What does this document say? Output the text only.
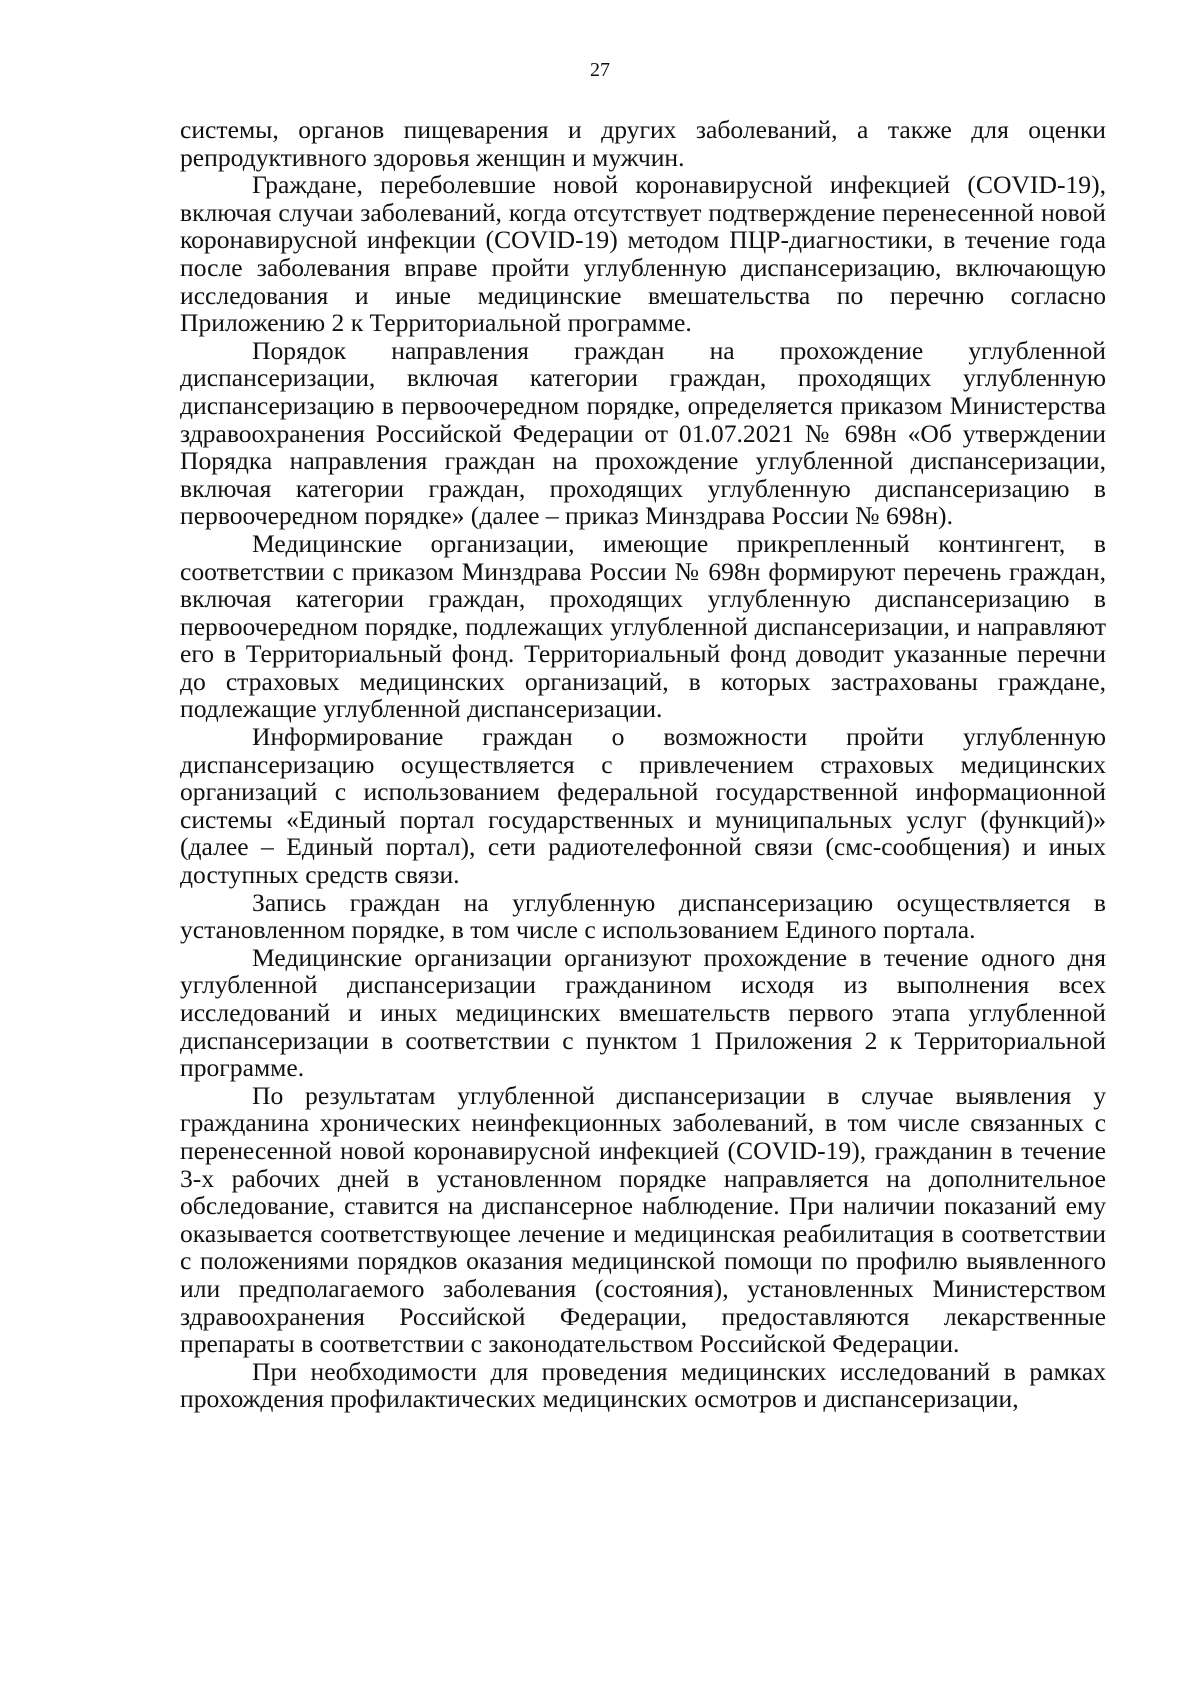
27

системы, органов пищеварения и других заболеваний, а также для оценки репродуктивного здоровья женщин и мужчин.

Граждане, переболевшие новой коронавирусной инфекцией (COVID-19), включая случаи заболеваний, когда отсутствует подтверждение перенесенной новой коронавирусной инфекции (COVID-19) методом ПЦР-диагностики, в течение года после заболевания вправе пройти углубленную диспансеризацию, включающую исследования и иные медицинские вмешательства по перечню согласно Приложению 2 к Территориальной программе.

Порядок направления граждан на прохождение углубленной диспансеризации, включая категории граждан, проходящих углубленную диспансеризацию в первоочередном порядке, определяется приказом Министерства здравоохранения Российской Федерации от 01.07.2021 № 698н «Об утверждении Порядка направления граждан на прохождение углубленной диспансеризации, включая категории граждан, проходящих углубленную диспансеризацию в первоочередном порядке» (далее – приказ Минздрава России № 698н).

Медицинские организации, имеющие прикрепленный контингент, в соответствии с приказом Минздрава России № 698н формируют перечень граждан, включая категории граждан, проходящих углубленную диспансеризацию в первоочередном порядке, подлежащих углубленной диспансеризации, и направляют его в Территориальный фонд. Территориальный фонд доводит указанные перечни до страховых медицинских организаций, в которых застрахованы граждане, подлежащие углубленной диспансеризации.

Информирование граждан о возможности пройти углубленную диспансеризацию осуществляется с привлечением страховых медицинских организаций с использованием федеральной государственной информационной системы «Единый портал государственных и муниципальных услуг (функций)» (далее – Единый портал), сети радиотелефонной связи (смс-сообщения) и иных доступных средств связи.

Запись граждан на углубленную диспансеризацию осуществляется в установленном порядке, в том числе с использованием Единого портала.

Медицинские организации организуют прохождение в течение одного дня углубленной диспансеризации гражданином исходя из выполнения всех исследований и иных медицинских вмешательств первого этапа углубленной диспансеризации в соответствии с пунктом 1 Приложения 2 к Территориальной программе.

По результатам углубленной диспансеризации в случае выявления у гражданина хронических неинфекционных заболеваний, в том числе связанных с перенесенной новой коронавирусной инфекцией (COVID-19), гражданин в течение 3-х рабочих дней в установленном порядке направляется на дополнительное обследование, ставится на диспансерное наблюдение. При наличии показаний ему оказывается соответствующее лечение и медицинская реабилитация в соответствии с положениями порядков оказания медицинской помощи по профилю выявленного или предполагаемого заболевания (состояния), установленных Министерством здравоохранения Российской Федерации, предоставляются лекарственные препараты в соответствии с законодательством Российской Федерации.

При необходимости для проведения медицинских исследований в рамках прохождения профилактических медицинских осмотров и диспансеризации,
